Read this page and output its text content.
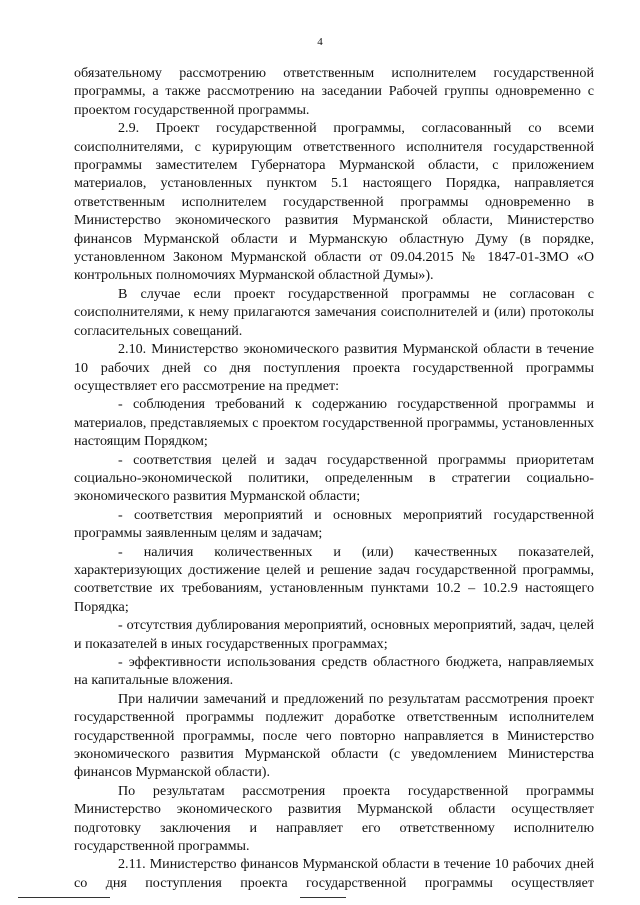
4

обязательному рассмотрению ответственным исполнителем государственной программы, а также рассмотрению на заседании Рабочей группы одновременно с проектом государственной программы.

2.9. Проект государственной программы, согласованный со всеми соисполнителями, с курирующим ответственного исполнителя государственной программы заместителем Губернатора Мурманской области, с приложением материалов, установленных пунктом 5.1 настоящего Порядка, направляется ответственным исполнителем государственной программы одновременно в Министерство экономического развития Мурманской области, Министерство финансов Мурманской области и Мурманскую областную Думу (в порядке, установленном Законом Мурманской области от 09.04.2015 № 1847-01-ЗМО «О контрольных полномочиях Мурманской областной Думы»).

В случае если проект государственной программы не согласован с соисполнителями, к нему прилагаются замечания соисполнителей и (или) протоколы согласительных совещаний.

2.10. Министерство экономического развития Мурманской области в течение 10 рабочих дней со дня поступления проекта государственной программы осуществляет его рассмотрение на предмет:

- соблюдения требований к содержанию государственной программы и материалов, представляемых с проектом государственной программы, установленных настоящим Порядком;

- соответствия целей и задач государственной программы приоритетам социально-экономической политики, определенным в стратегии социально-экономического развития Мурманской области;

- соответствия мероприятий и основных мероприятий государственной программы заявленным целям и задачам;

- наличия количественных и (или) качественных показателей, характеризующих достижение целей и решение задач государственной программы, соответствие их требованиям, установленным пунктами 10.2 – 10.2.9 настоящего Порядка;

- отсутствия дублирования мероприятий, основных мероприятий, задач, целей и показателей в иных государственных программах;

- эффективности использования средств областного бюджета, направляемых на капитальные вложения.

При наличии замечаний и предложений по результатам рассмотрения проект государственной программы подлежит доработке ответственным исполнителем государственной программы, после чего повторно направляется в Министерство экономического развития Мурманской области (с уведомлением Министерства финансов Мурманской области).

По результатам рассмотрения проекта государственной программы Министерство экономического развития Мурманской области осуществляет подготовку заключения и направляет его ответственному исполнителю государственной программы.

2.11. Министерство финансов Мурманской области в течение 10 рабочих дней со дня поступления проекта государственной программы осуществляет
